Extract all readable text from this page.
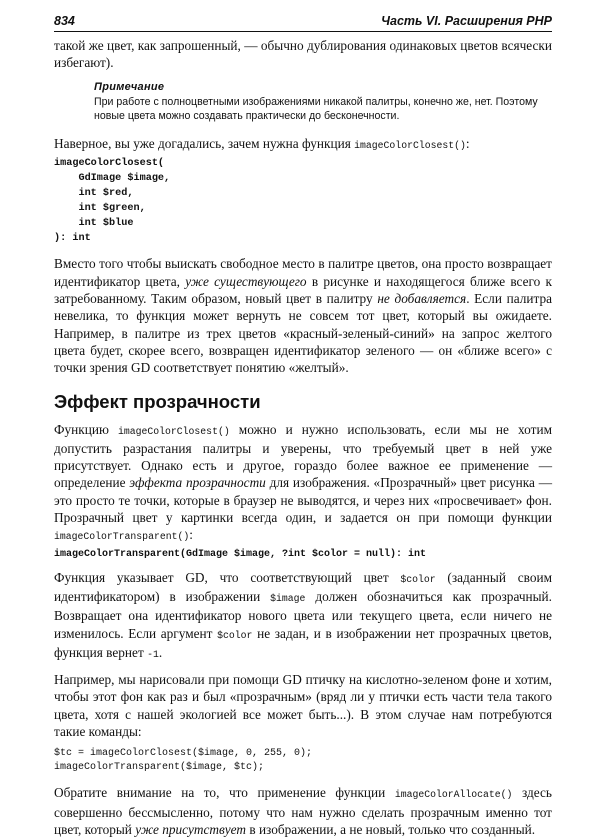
834	Часть VI. Расширения PHP

такой же цвет, как запрошенный, — обычно дублирования одинаковых цветов всячески избегают).

Примечание
При работе с полноцветными изображениями никакой палитры, конечно же, нет. Поэтому новые цвета можно создавать практически до бесконечности.

Наверное, вы уже догадались, зачем нужна функция imageColorClosest():

imageColorClosest(
GdImage $image,
int $red,
int $green,
int $blue
): int

Вместо того чтобы выискать свободное место в палитре цветов, она просто возвращает идентификатор цвета, уже существующего в рисунке и находящегося ближе всего к затребованному. Таким образом, новый цвет в палитру не добавляется. Если палитра невелика, то функция может вернуть не совсем тот цвет, который вы ожидаете. Например, в палитре из трех цветов «красный-зеленый-синий» на запрос желтого цвета будет, скорее всего, возвращен идентификатор зеленого — он «ближе всего» с точки зрения GD соответствует понятию «желтый».

Эффект прозрачности

Функцию imageColorClosest() можно и нужно использовать, если мы не хотим допустить разрастания палитры и уверены, что требуемый цвет в ней уже присутствует. Однако есть и другое, гораздо более важное ее применение — определение эффекта прозрачности для изображения. «Прозрачный» цвет рисунка — это просто те точки, которые в браузер не выводятся, и через них «просвечивает» фон. Прозрачный цвет у картинки всегда один, и задается он при помощи функции imageColorTransparent():

imageColorTransparent(GdImage $image, ?int $color = null): int

Функция указывает GD, что соответствующий цвет $color (заданный своим идентификатором) в изображении $image должен обозначиться как прозрачный. Возвращает она идентификатор нового цвета или текущего цвета, если ничего не изменилось. Если аргумент $color не задан, и в изображении нет прозрачных цветов, функция вернет -1.

Например, мы нарисовали при помощи GD птичку на кислотно-зеленом фоне и хотим, чтобы этот фон как раз и был «прозрачным» (вряд ли у птички есть части тела такого цвета, хотя с нашей экологией все может быть...). В этом случае нам потребуются такие команды:

$tc = imageColorClosest($image, 0, 255, 0);
imageColorTransparent($image, $tc);

Обратите внимание на то, что применение функции imageColorAllocate() здесь совершенно бессмысленно, потому что нам нужно сделать прозрачным именно тот цвет, который уже присутствует в изображении, а не новый, только что созданный.
